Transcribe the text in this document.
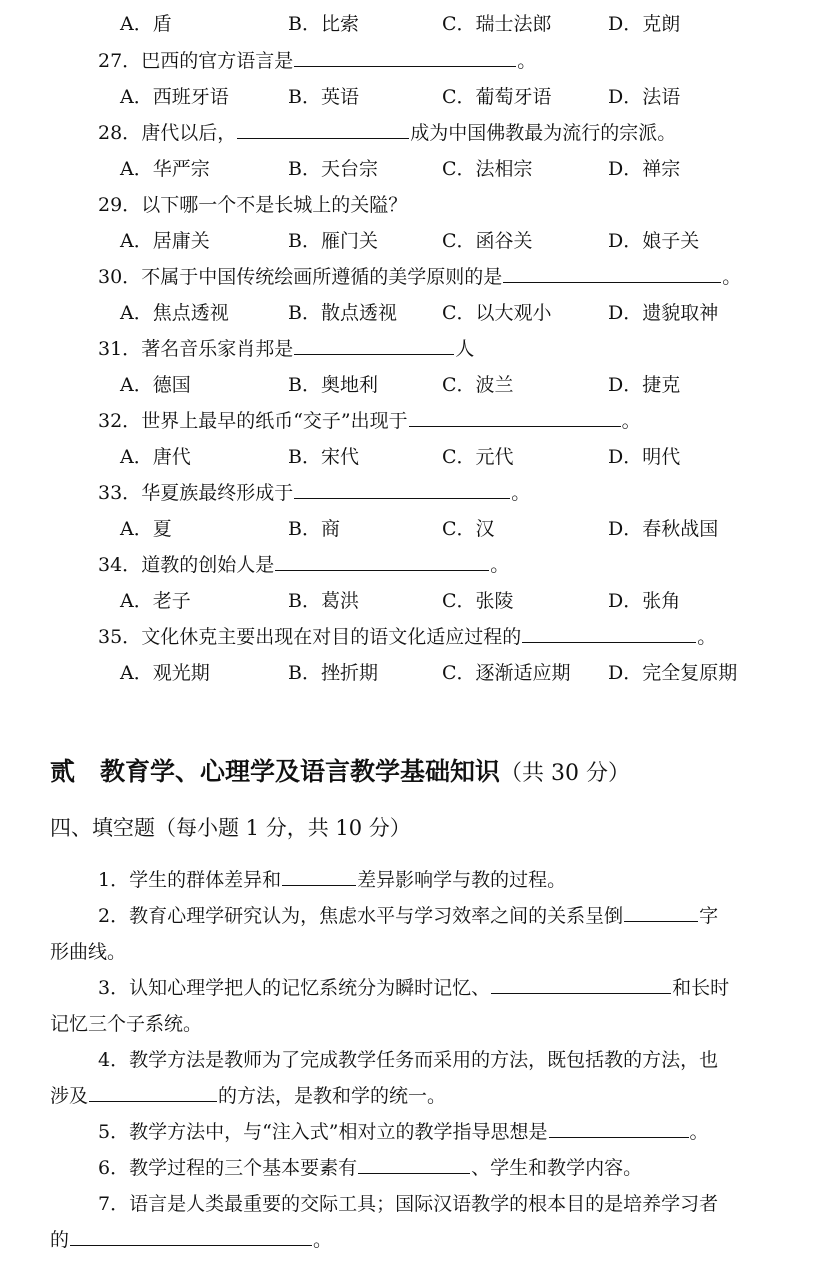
A．盾	B．比索	C．瑞士法郎	D．克朗
27．巴西的官方语言是	。
A．西班牙语	B．英语	C．葡萄牙语	D．法语
28．唐代以后，	成为中国佛教最为流行的宗派。
A．华严宗	B．天台宗	C．法相宗	D．禅宗
29．以下哪一个不是长城上的关隘？
A．居庸关	B．雁门关	C．函谷关	D．娘子关
30．不属于中国传统绘画所遵循的美学原则的是	。
A．焦点透视	B．散点透视 C．以大观小	D．遗貌取神
31．著名音乐家肖邦是	人
A．德国	B．奥地利	C．波兰	D．捷克
32．世界上最早的纸币“交子”出现于	。
A．唐代	B．宋代	C．元代	D．明代
33．华夏族最终形成于	。
A．夏	B．商	C．汉	D．春秋战国
34．道教的创始人是	。
A．老子	B．葛洪	C．张陵	D．张角
35．文化休克主要出现在对目的语文化适应过程的	。
A．观光期	B．挫折期	C．逐渐适应期 D．完全复原期
贰　教育学、心理学及语言教学基础知识（共 30 分）
四、填空题（每小题 1 分，共 10 分）
1．学生的群体差异和	差异影响学与教的过程。
2．教育心理学研究认为，焦虑水平与学习效率之间的关系呈倒	字
形曲线。
3．认知心理学把人的记忆系统分为瞬时记忆、	和长时
记忆三个子系统。
4．教学方法是教师为了完成教学任务而采用的方法，既包括教的方法，也
涉及	的方法，是教和学的统一。
5．教学方法中，与“注入式”相对立的教学指导思想是	。
6．教学过程的三个基本要素有	、学生和教学内容。
7．语言是人类最重要的交际工具；国际汉语教学的根本目的是培养学习者
的	。
